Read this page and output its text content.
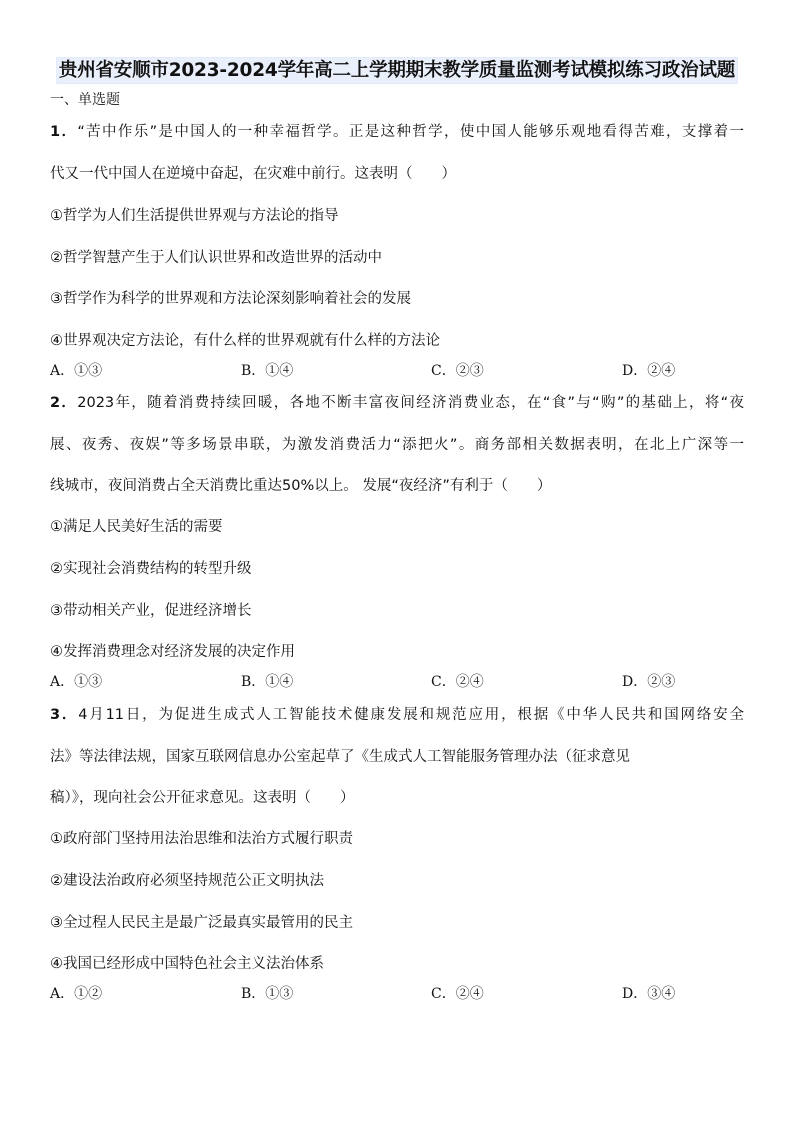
贵州省安顺市2023-2024学年高二上学期期末教学质量监测考试模拟练习政治试题
一、单选题
1．“苦中作乐”是中国人的一种幸福哲学。正是这种哲学，使中国人能够乐观地看得苦难，支撑着一
代又一代中国人在逆境中奋起，在灾难中前行。这表明（　　）
①哲学为人们生活提供世界观与方法论的指导
②哲学智慧产生于人们认识世界和改造世界的活动中
③哲学作为科学的世界观和方法论深刻影响着社会的发展
④世界观决定方法论，有什么样的世界观就有什么样的方法论
A．①③	B．①④	C．②③	D．②④
2．2023年，随着消费持续回暖，各地不断丰富夜间经济消费业态，在“食”与“购”的基础上，将“夜
展、夜秀、夜娱”等多场景串联，为激发消费活力“添把火”。商务部相关数据表明，在北上广深等一
线城市，夜间消费占全天消费比重达50%以上。 发展“夜经济”有利于（　　）
①满足人民美好生活的需要
②实现社会消费结构的转型升级
③带动相关产业，促进经济增长
④发挥消费理念对经济发展的决定作用
A．①③	B．①④	C．②④	D．②③
3．4月11日，为促进生成式人工智能技术健康发展和规范应用，根据《中华人民共和国网络安全
法》等法律法规，国家互联网信息办公室起草了《生成式人工智能服务管理办法（征求意见
稿）》，现向社会公开征求意见。这表明（　　）
①政府部门坚持用法治思维和法治方式履行职责
②建设法治政府必须坚持规范公正文明执法
③全过程人民民主是最广泛最真实最管用的民主
④我国已经形成中国特色社会主义法治体系
A．①②	B．①③	C．②④	D．③④
